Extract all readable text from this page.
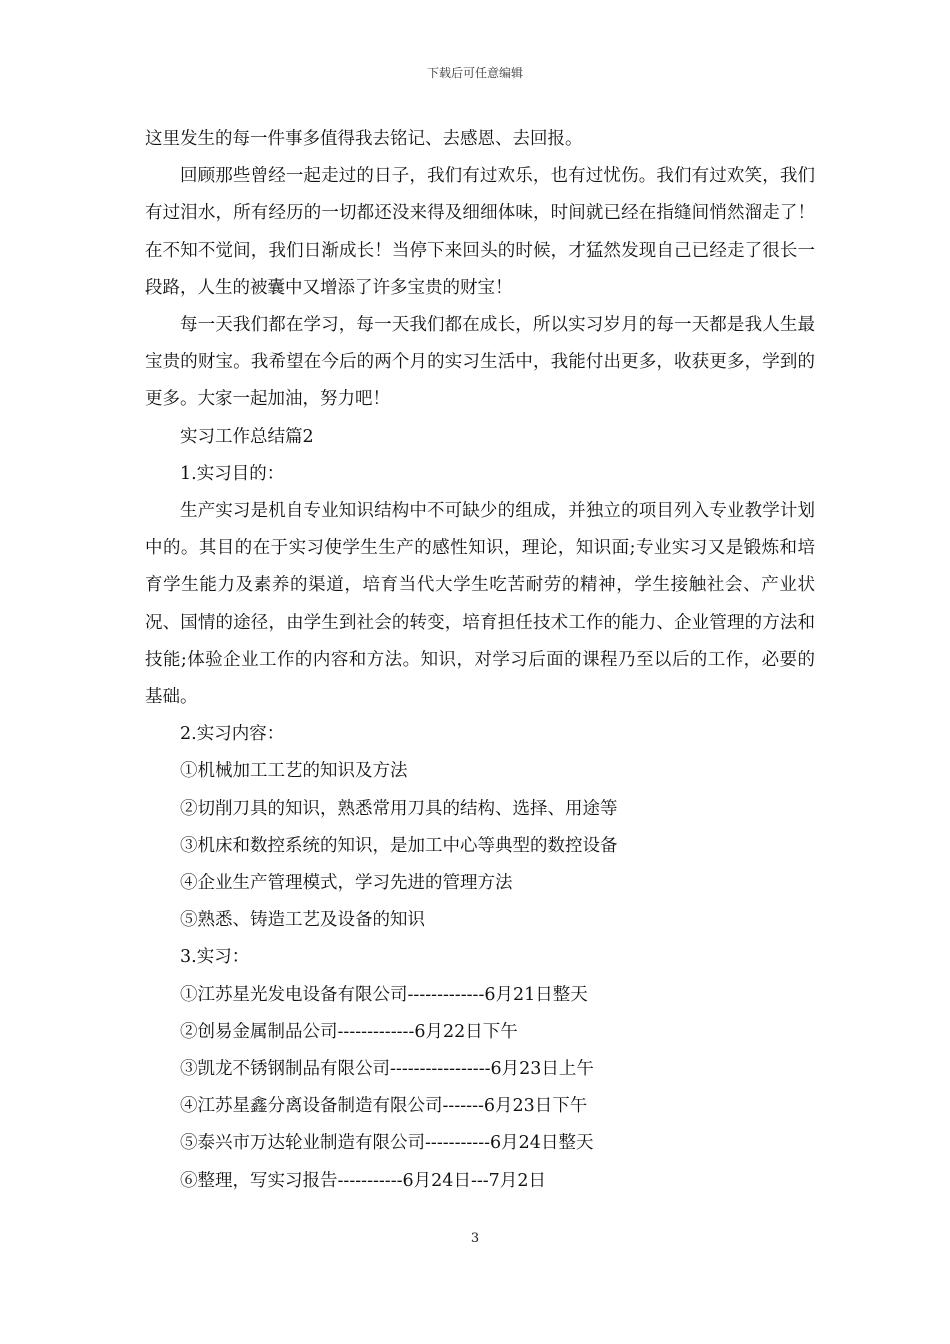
下载后可任意编辑

这里发生的每一件事多值得我去铭记、去感恩、去回报。

回顾那些曾经一起走过的日子，我们有过欢乐，也有过忧伤。我们有过欢笑，我们有过泪水，所有经历的一切都还没来得及细细体味，时间就已经在指缝间悄然溜走了！在不知不觉间，我们日渐成长！当停下来回头的时候，才猛然发现自己已经走了很长一段路，人生的被囊中又增添了许多宝贵的财宝！

每一天我们都在学习，每一天我们都在成长，所以实习岁月的每一天都是我人生最宝贵的财宝。我希望在今后的两个月的实习生活中，我能付出更多，收获更多，学到的更多。大家一起加油，努力吧！

实习工作总结篇2

1.实习目的：

生产实习是机自专业知识结构中不可缺少的组成，并独立的项目列入专业教学计划中的。其目的在于实习使学生生产的感性知识，理论，知识面;专业实习又是锻炼和培育学生能力及素养的渠道，培育当代大学生吃苦耐劳的精神，学生接触社会、产业状况、国情的途径，由学生到社会的转变，培育担任技术工作的能力、企业管理的方法和技能;体验企业工作的内容和方法。知识，对学习后面的课程乃至以后的工作，必要的基础。

2.实习内容：

①机械加工工艺的知识及方法

②切削刀具的知识，熟悉常用刀具的结构、选择、用途等

③机床和数控系统的知识，是加工中心等典型的数控设备

④企业生产管理模式，学习先进的管理方法

⑤熟悉、铸造工艺及设备的知识

3.实习：

①江苏星光发电设备有限公司-------------6月21日整天

②创易金属制品公司-------------6月22日下午

③凯龙不锈钢制品有限公司-----------------6月23日上午

④江苏星鑫分离设备制造有限公司-------6月23日下午

⑤泰兴市万达轮业制造有限公司-----------6月24日整天

⑥整理，写实习报告-----------6月24日---7月2日

3
